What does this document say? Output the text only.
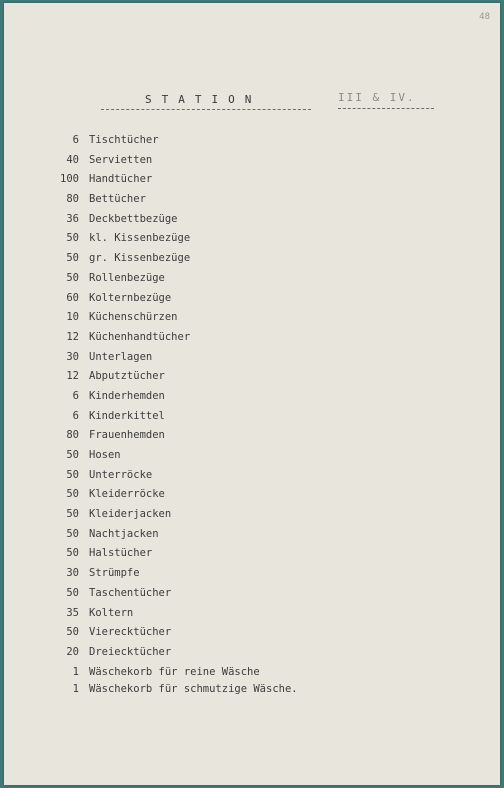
48
STATION	III & IV.
6 Tischtücher
40 Servietten
100 Handtücher
80 Bettücher
36 Deckbettbezüge
50 kl. Kissenbezüge
50 gr. Kissenbezüge
50 Rollenbezüge
60 Kolternbezüge
10 Küchenschürzen
12 Küchenhandtücher
30 Unterlagen
12 Abputztücher
6 Kinderhemden
6 Kinderkittel
80 Frauenhemden
50 Hosen
50 Unterröcke
50 Kleiderröcke
50 Kleiderjacken
50 Nachtjacken
50 Halstücher
30 Strümpfe
50 Taschentücher
35 Koltern
50 Vierecktücher
20 Dreiecktücher
1 Wäschekorb für reine Wäsche
1 Wäschekorb für schmutzige Wäsche.
